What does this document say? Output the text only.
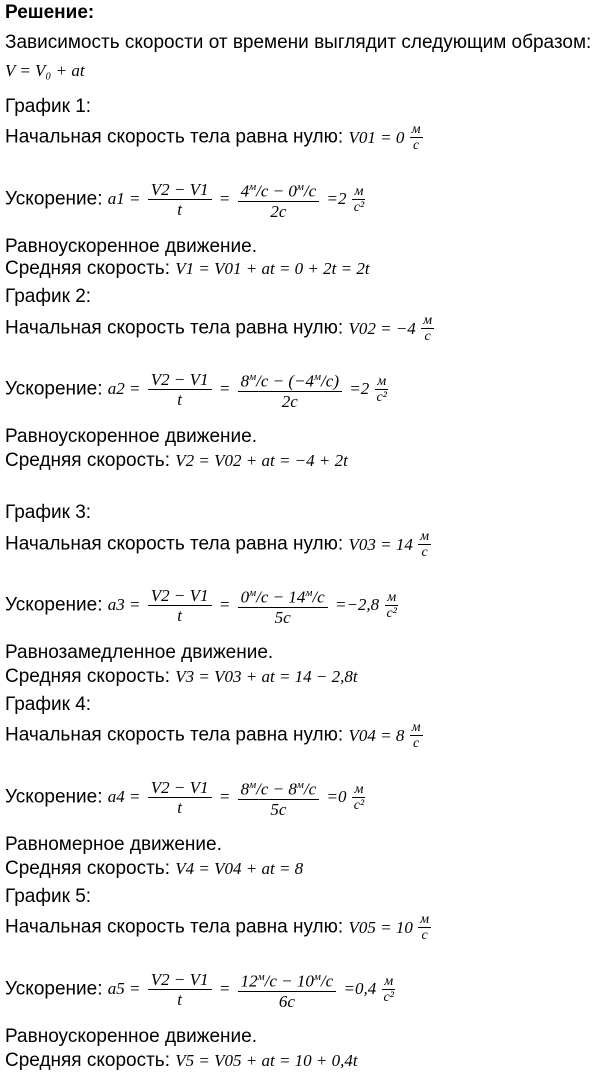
Решение:
Зависимость скорости от времени выглядит следующим образом:
V = V₀ + at
График 1:
Начальная скорость тела равна нулю: $V01 = 0 \frac{м}{с}$
Ускорение: $a1 = \frac{V2 - V1}{t} = \frac{4^м/с - 0^м/с}{2с} =2 \frac{м}{\text{с²}}$
Равноускоренное движение.
Средняя скорость: V1 = V01 + at = 0 + 2t = 2t
График 2:
Начальная скорость тела равна нулю: $V02 = -4 \frac{м}{с}$
Ускорение: $a2 = \frac{V2 - V1}{t} = \frac{8^м/с - (-4^м/с)}{2с} =2 \frac{м}{\text{с²}}$
Равноускоренное движение.
Средняя скорость: V2 = V02 + at = −4 + 2t
График 3:
Начальная скорость тела равна нулю: $V03 = 14 \frac{м}{с}$
Ускорение: $a3 = \frac{V2 - V1}{t} = \frac{0^м/с - 14^м/с}{5с} =-2,8 \frac{м}{\text{с²}}$
Равнозамедленное движение.
Средняя скорость: V3 = V03 + at = 14 − 2,8t
График 4:
Начальная скорость тела равна нулю: $V04 = 8 \frac{м}{с}$
Ускорение: $a4 = \frac{V2 - V1}{t} = \frac{8^м/с - 8^м/с}{5с} =0 \frac{м}{\text{с²}}$
Равномерное движение.
Средняя скорость: V4 = V04 + at = 8
График 5:
Начальная скорость тела равна нулю: $V05 = 10 \frac{м}{с}$
Ускорение: $a5 = \frac{V2 - V1}{t} = \frac{12^м/с - 10^м/с}{6с} =0,4 \frac{м}{\text{с²}}$
Равноускоренное движение.
Средняя скорость: V5 = V05 + at = 10 + 0,4t
